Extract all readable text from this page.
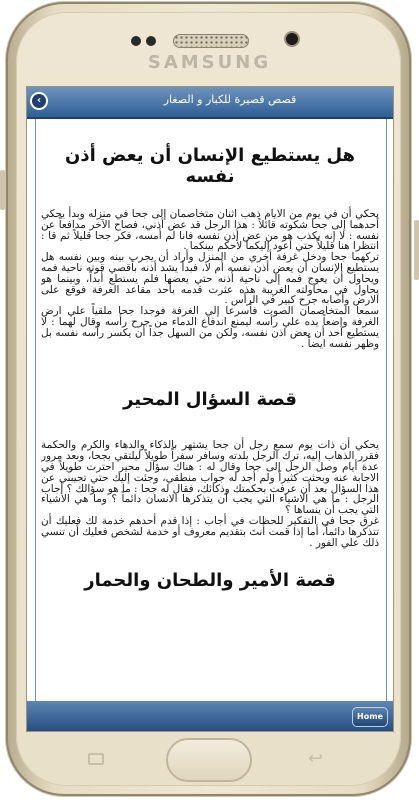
SAMSUNG
‹	قصص قصيرة للكبار و الصغار
هل يستطيع الإنسان أن يعض أذن نفسه

يحكي أن في يوم من الايام ذهب اثنان متخاصمان إلى جحا في منزله وبدأ يحكي أحدهما إلى جحا شكوته قائلاً : هذا الرجل قد عض أذني، فصاح الآخر مدافعاً عن نفسه : لا إنه يكذب هو من عض أذن نفسه فانا لم أمسه، فكر جحا قليلاً ثم قا : انتظرا هنا قليلاً حتي أعود إليكما لأحكم بينكما .

تركهما جحا ودخل غرفة أخري من المنزل وأراد أن يجرب بينه وبين نفسه هل يستطيع الإنسان أن يعض أذن نفسه أم لا، فبدأ يشد أذنه بأقصي قوته ناحية فمه ويحاول أن يعوج فمه إلى ناحية أذنه حتي يعضها فلم يستطع أبداً، وبينما هو يحاول في محاولته الغريبة هذه عثرت قدمه بأحد مقاعد الغرفة فوقع على الارض وأصابه جرح كبير في الرأس .

سمعا المتخاصمان الصوت فأسرعا إلي الغرفة فوجدا جحا ملقياً علي ارض الغرفة واضعاً يده علي رأسه ليمنع اندفاع الدماء من جرح رأسه وقال لهما : لا يستطيع أحد أن يعض اذن نفسه، ولكن من السهل جداً أن يكسر رأسه نفسه بل وظهر نفسه ايضاً .

قصة السؤال المحير

يحكي أن ذات يوم سمع رجل أن جحا يشتهر بالذكاء والدهاء والكرم والحكمة فقرر الذهاب إليه، ترك الرجل بلدته وسافر سفراً طويلاً ليلتقي بجحا، وبعد مرور عدة أيام وصل الرجل إلى جحا وقال له : هناك سؤال محير احترت طويلاً في الاجابة عنه وبحثت كثيراً ولم أجد له جواب منطقي، وجئت إليك حتي تجيبني عن هذا السؤال بعد أن عرفت بحكمتك وذكائك، فقال له جحا : ما هو سؤالك ؟ أجاب الرجل : ما هي الاشياء التي يجب أن يتذكرها الانسان دائماً ؟ وما هي الأشياء التي يجب أن ينساها ؟

غرق جحا في التفكير للحظات في أجاب : إذا قدم أحدهم خدمة لك فعليك أن تتذكرها دائماً، أما إذا قمت أنتَ بتقديم معروف أو خدمة لشخص فعليك أن تنسي ذلك علي الفور .

قصة الأمير والطحان والحمار
Home
↩
